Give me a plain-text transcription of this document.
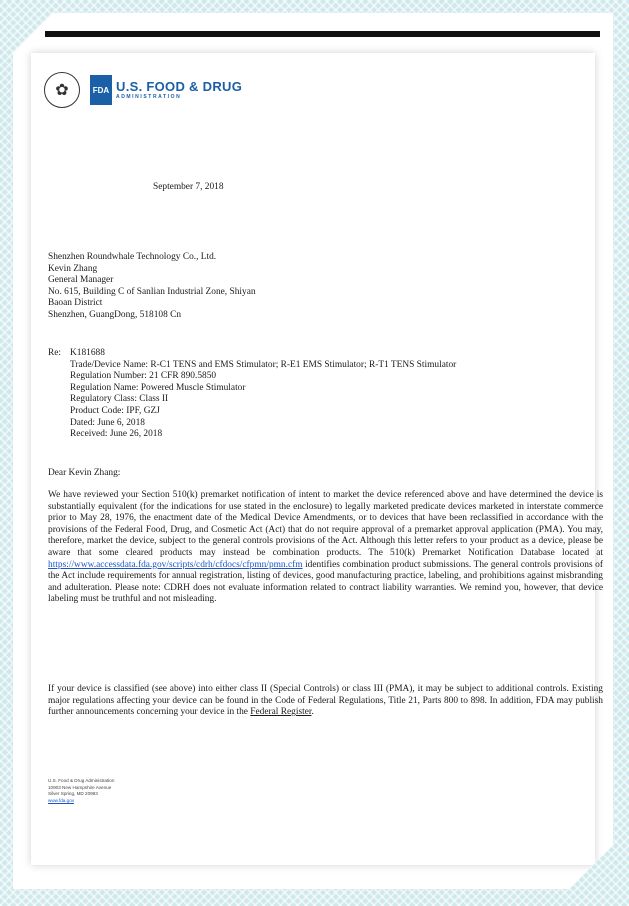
✿	FDA U.S. FOOD & DRUG
ADMINISTRATION
September 7, 2018
Shenzhen Roundwhale Technology Co., Ltd.
Kevin Zhang
General Manager
No. 615, Building C of Sanlian Industrial Zone, Shiyan
Baoan District
Shenzhen, GuangDong, 518108 Cn
Re: K181688
Trade/Device Name: R-C1 TENS and EMS Stimulator; R-E1 EMS Stimulator; R-T1 TENS Stimulator
Regulation Number: 21 CFR 890.5850
Regulation Name: Powered Muscle Stimulator
Regulatory Class: Class II
Product Code: IPF, GZJ
Dated: June 6, 2018
Received: June 26, 2018
Dear Kevin Zhang:

We have reviewed your Section 510(k) premarket notification of intent to market the device referenced above and have determined the device is substantially equivalent (for the indications for use stated in the enclosure) to legally marketed predicate devices marketed in interstate commerce prior to May 28, 1976, the enactment date of the Medical Device Amendments, or to devices that have been reclassified in accordance with the provisions of the Federal Food, Drug, and Cosmetic Act (Act) that do not require approval of a premarket approval application (PMA). You may, therefore, market the device, subject to the general controls provisions of the Act. Although this letter refers to your product as a device, please be aware that some cleared products may instead be combination products. The 510(k) Premarket Notification Database located at https://www.accessdata.fda.gov/scripts/cdrh/cfdocs/cfpmn/pmn.cfm identifies combination product submissions. The general controls provisions of the Act include requirements for annual registration, listing of devices, good manufacturing practice, labeling, and prohibitions against misbranding and adulteration. Please note: CDRH does not evaluate information related to contract liability warranties. We remind you, however, that device labeling must be truthful and not misleading.

If your device is classified (see above) into either class II (Special Controls) or class III (PMA), it may be subject to additional controls. Existing major regulations affecting your device can be found in the Code of Federal Regulations, Title 21, Parts 800 to 898. In addition, FDA may publish further announcements concerning your device in the Federal Register.

U.S. Food & Drug Administration
10903 New Hampshire Avenue
Silver Spring, MD 20993
www.fda.gov
